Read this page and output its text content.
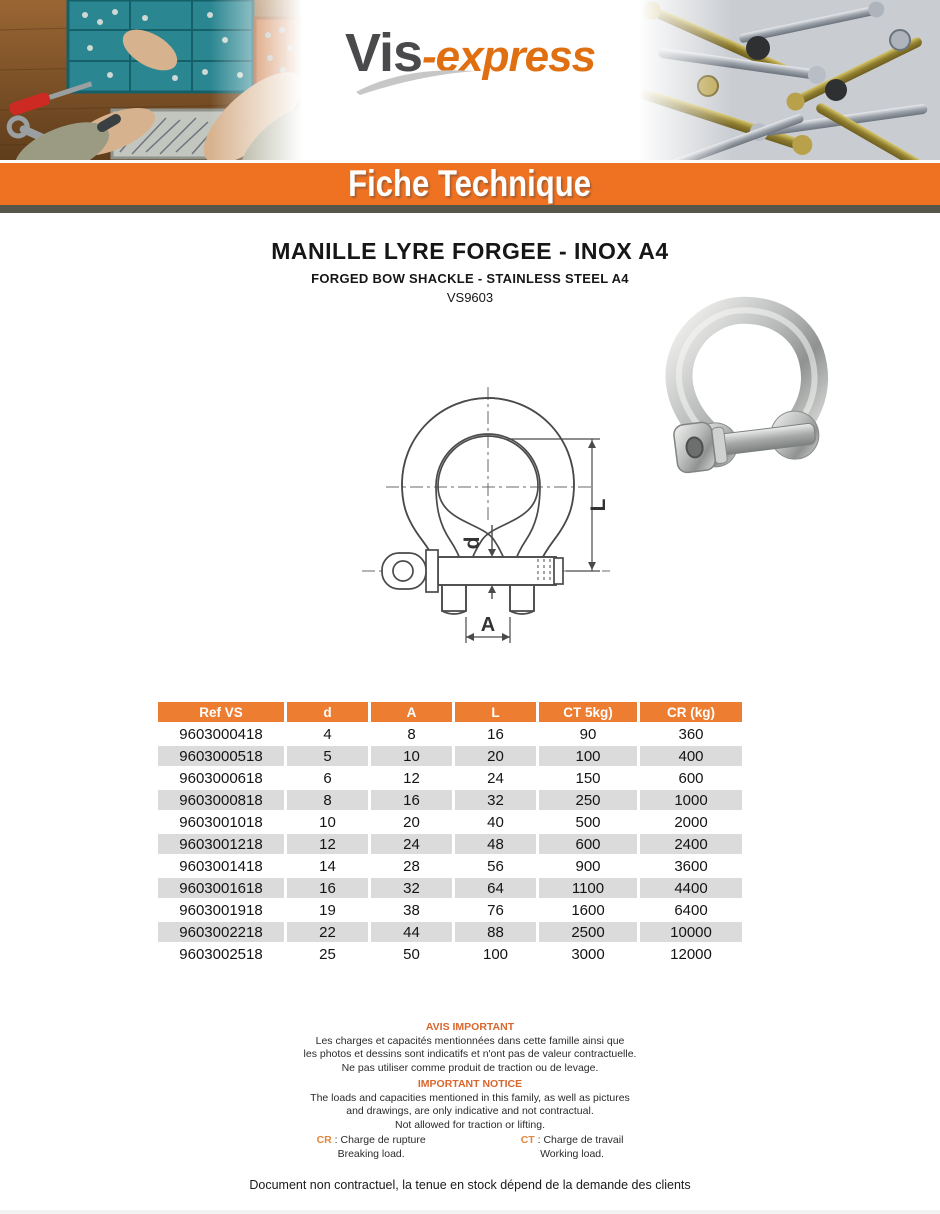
Vis-express
Fiche Technique
MANILLE LYRE FORGEE - INOX A4
FORGED BOW SHACKLE - STAINLESS STEEL A4
VS9603
d
A
L
Ref VS	d	A	L	CT 5kg)	CR (kg)
9603000418	4	8	16	90	360
9603000518	5	10	20	100	400
9603000618	6	12	24	150	600
9603000818	8	16	32	250	1000
9603001018	10	20	40	500	2000
9603001218	12	24	48	600	2400
9603001418	14	28	56	900	3600
9603001618	16	32	64	1100	4400
9603001918	19	38	76	1600	6400
9603002218	22	44	88	2500	10000
9603002518	25	50	100	3000	12000
AVIS IMPORTANT
Les charges et capacités mentionnées dans cette famille ainsi que
les photos et dessins sont indicatifs et n'ont pas de valeur contractuelle.
Ne pas utiliser comme produit de traction ou de levage.
IMPORTANT NOTICE
The loads and capacities mentioned in this family, as well as pictures
and drawings, are only indicative and not contractual.
Not allowed for traction or lifting.
CR : Charge de rupture
Breaking load.
CT : Charge de travail
Working load.
Document non contractuel, la tenue en stock dépend de la demande des clients
